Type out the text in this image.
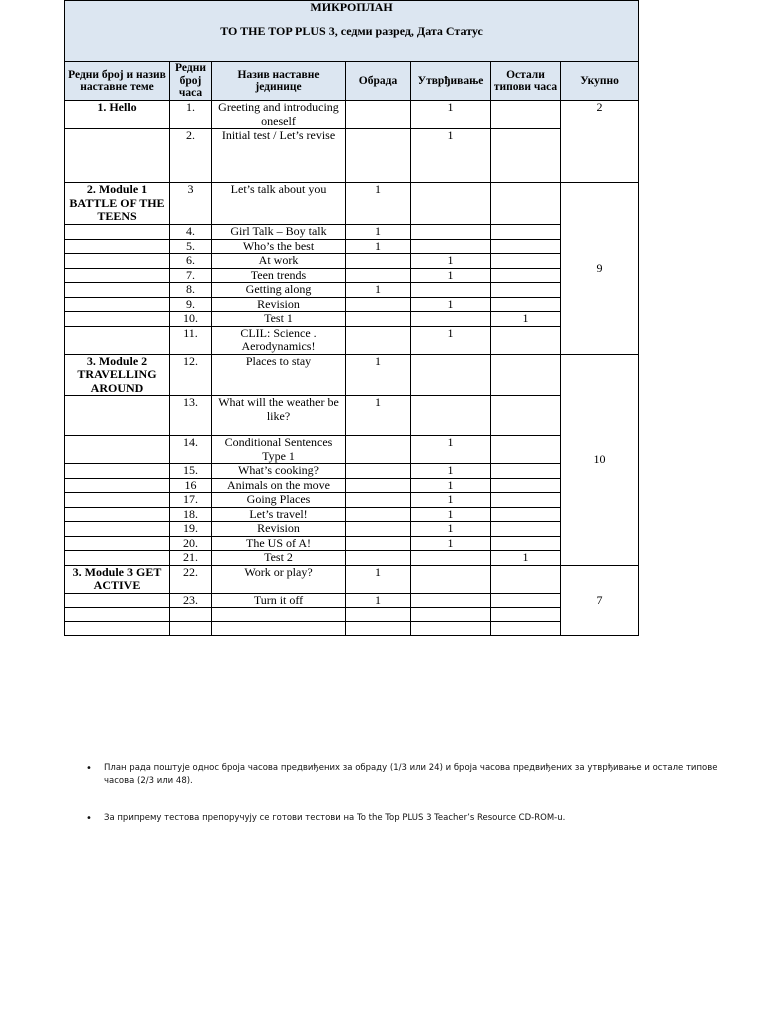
МИКРОПЛАН
TO THE TOP PLUS 3, седми разред, Дата Статус						

Редни број и назив наставне теме	Редни број часа	Назив наставне јединице	Обрада	Утврђивање	Остали типови часа	Укупно
1. Hello	1.	Greeting and introducing oneself		1		2
	2.	Initial test / Let’s revise		1		
2. Module 1 BATTLE OF THE TEENS	3	Let’s talk about you	1			9
	4.	Girl Talk – Boy talk	1			
	5.	Who’s the best	1			
	6.	At work		1		
	7.	Teen trends		1		
	8.	Getting along	1			
	9.	Revision		1		
	10.	Test 1			1	
	11.	CLIL: Science . Aerodynamics!		1		
3. Module 2 TRAVELLING AROUND	12.	Places to stay	1			10
	13.	What will the weather be like?	1			
	14.	Conditional Sentences Type 1		1		
	15.	What’s cooking?		1		
	16	Animals on the move		1		
	17.	Going Places		1		
	18.	Let’s travel!		1		
	19.	Revision		1		
	20.	The US of A!		1		
	21.	Test 2			1	
3. Module 3 GET ACTIVE	22.	Work or play?	1			7
	23.	Turn it off	1			

• План рада поштује однос броја часова предвиђених за обраду (1/3 или 24) и броја часова предвиђених за утврђивање и остале типове часова (2/3 или 48).
• За припрему тестова препоручују се готови тестови на To the Top PLUS 3 Teacher’s Resource CD-ROM-u.
